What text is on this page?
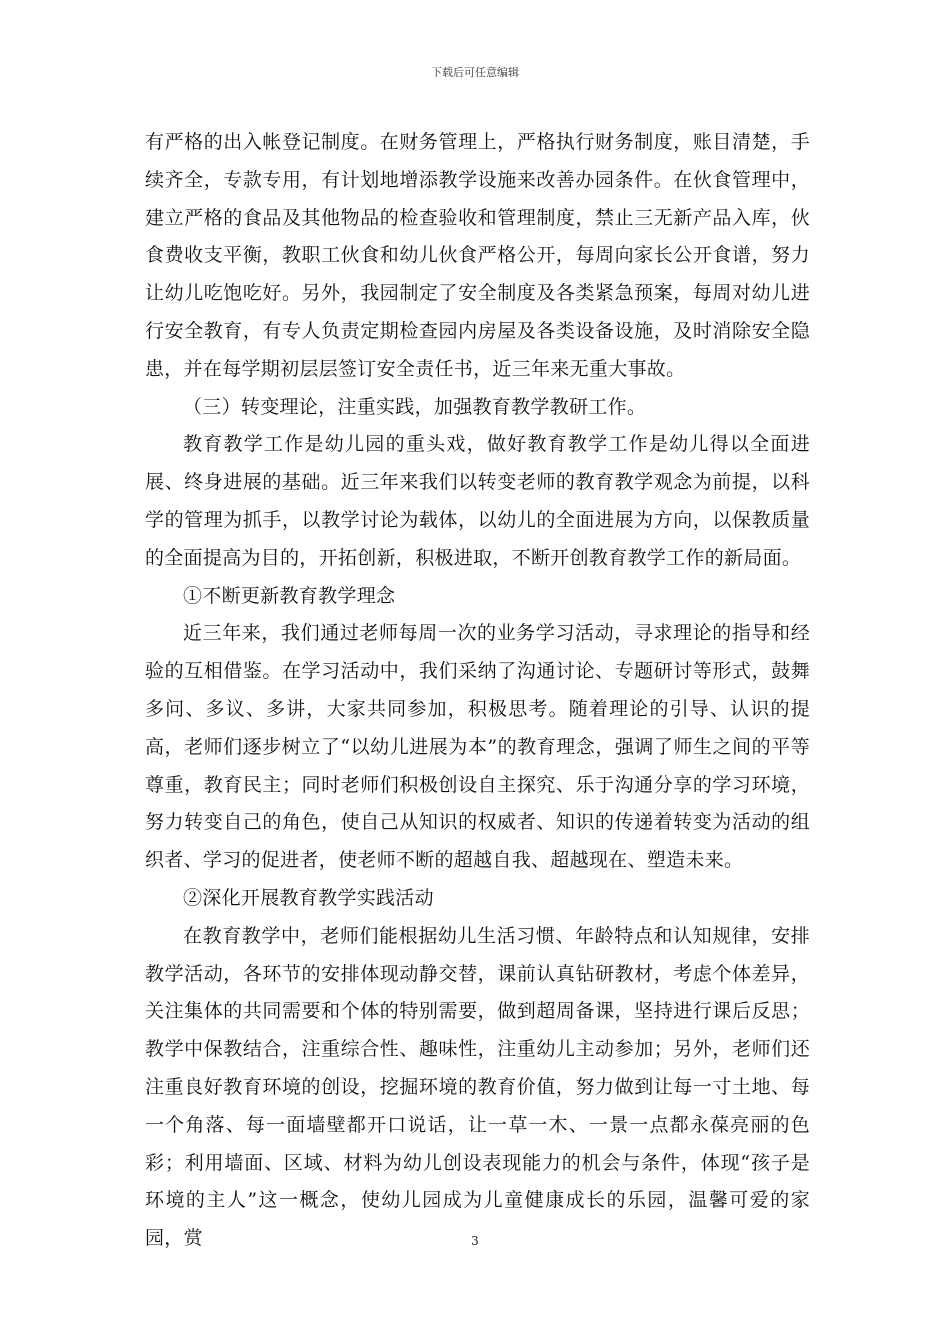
下载后可任意编辑

有严格的出入帐登记制度。在财务管理上，严格执行财务制度，账目清楚，手续齐全，专款专用，有计划地增添教学设施来改善办园条件。在伙食管理中，建立严格的食品及其他物品的检查验收和管理制度，禁止三无新产品入库，伙食费收支平衡，教职工伙食和幼儿伙食严格公开，每周向家长公开食谱，努力让幼儿吃饱吃好。另外，我园制定了安全制度及各类紧急预案，每周对幼儿进行安全教育，有专人负责定期检查园内房屋及各类设备设施，及时消除安全隐患，并在每学期初层层签订安全责任书，近三年来无重大事故。

（三）转变理论，注重实践，加强教育教学教研工作。

教育教学工作是幼儿园的重头戏，做好教育教学工作是幼儿得以全面进展、终身进展的基础。近三年来我们以转变老师的教育教学观念为前提，以科学的管理为抓手，以教学讨论为载体，以幼儿的全面进展为方向，以保教质量的全面提高为目的，开拓创新，积极进取，不断开创教育教学工作的新局面。

①不断更新教育教学理念

近三年来，我们通过老师每周一次的业务学习活动，寻求理论的指导和经验的互相借鉴。在学习活动中，我们采纳了沟通讨论、专题研讨等形式，鼓舞多问、多议、多讲，大家共同参加，积极思考。随着理论的引导、认识的提高，老师们逐步树立了“以幼儿进展为本”的教育理念，强调了师生之间的平等尊重，教育民主；同时老师们积极创设自主探究、乐于沟通分享的学习环境，努力转变自己的角色，使自己从知识的权威者、知识的传递着转变为活动的组织者、学习的促进者，使老师不断的超越自我、超越现在、塑造未来。

②深化开展教育教学实践活动

在教育教学中，老师们能根据幼儿生活习惯、年龄特点和认知规律，安排教学活动，各环节的安排体现动静交替，课前认真钻研教材，考虑个体差异，关注集体的共同需要和个体的特别需要，做到超周备课，坚持进行课后反思；教学中保教结合，注重综合性、趣味性，注重幼儿主动参加；另外，老师们还注重良好教育环境的创设，挖掘环境的教育价值，努力做到让每一寸土地、每一个角落、每一面墙壁都开口说话，让一草一木、一景一点都永葆亮丽的色彩；利用墙面、区域、材料为幼儿创设表现能力的机会与条件，体现“孩子是环境的主人”这一概念，使幼儿园成为儿童健康成长的乐园，温馨可爱的家园，赏	3
